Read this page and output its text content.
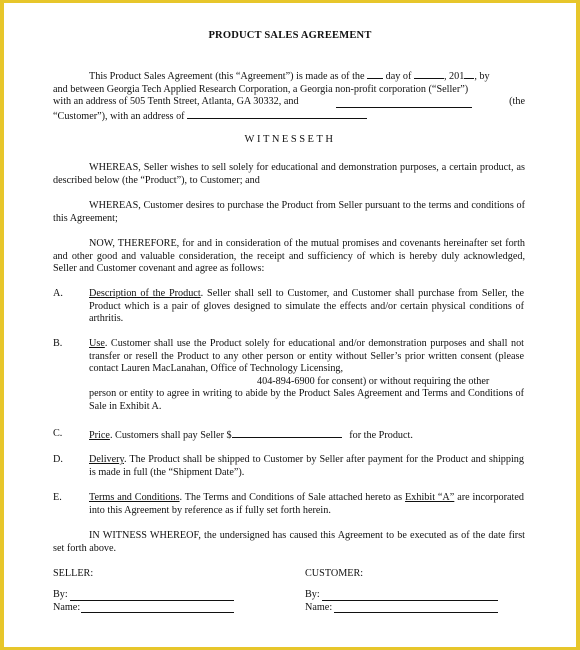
PRODUCT SALES AGREEMENT
This Product Sales Agreement (this “Agreement”) is made as of the day of	, 201 , by
and between Georgia Tech Applied Research Corporation, a Georgia non-profit corporation (“Seller”)
with an address of 505 Tenth Street, Atlanta, GA 30332, and	(the
“Customer”), with an address of
WITNESSETH

WHEREAS, Seller wishes to sell solely for educational and demonstration purposes, a certain product, as described below (the “Product”), to Customer; and

WHEREAS, Customer desires to purchase the Product from Seller pursuant to the terms and conditions of this Agreement;

NOW, THEREFORE, for and in consideration of the mutual promises and covenants hereinafter set forth and other good and valuable consideration, the receipt and sufficiency of which is hereby duly acknowledged, Seller and Customer covenant and agree as follows:

A.	Description of the Product. Seller shall sell to Customer, and Customer shall purchase from Seller, the Product which is a pair of gloves designed to simulate the effects and/or certain physical conditions of arthritis.

B.	Use. Customer shall use the Product solely for educational and/or demonstration purposes and shall not transfer or resell the Product to any other person or entity without Seller’s prior written consent (please contact Lauren MacLanahan, Office of Technology Licensing,

404-894-6900 for consent) or without requiring the other

person or entity to agree in writing to abide by the Product Sales Agreement and Terms and Conditions of Sale in Exhibit A.

C.	Price. Customers shall pay Seller $	for the Product.

D.	Delivery. The Product shall be shipped to Customer by Seller after payment for the Product and shipping is made in full (the “Shipment Date”).

E.	Terms and Conditions. The Terms and Conditions of Sale attached hereto as Exhibit “A” are incorporated into this Agreement by reference as if fully set forth herein.

IN WITNESS WHEREOF, the undersigned has caused this Agreement to be executed as of the date first set forth above.

SELLER:	CUSTOMER:
By:
Name:
By:
Name:
